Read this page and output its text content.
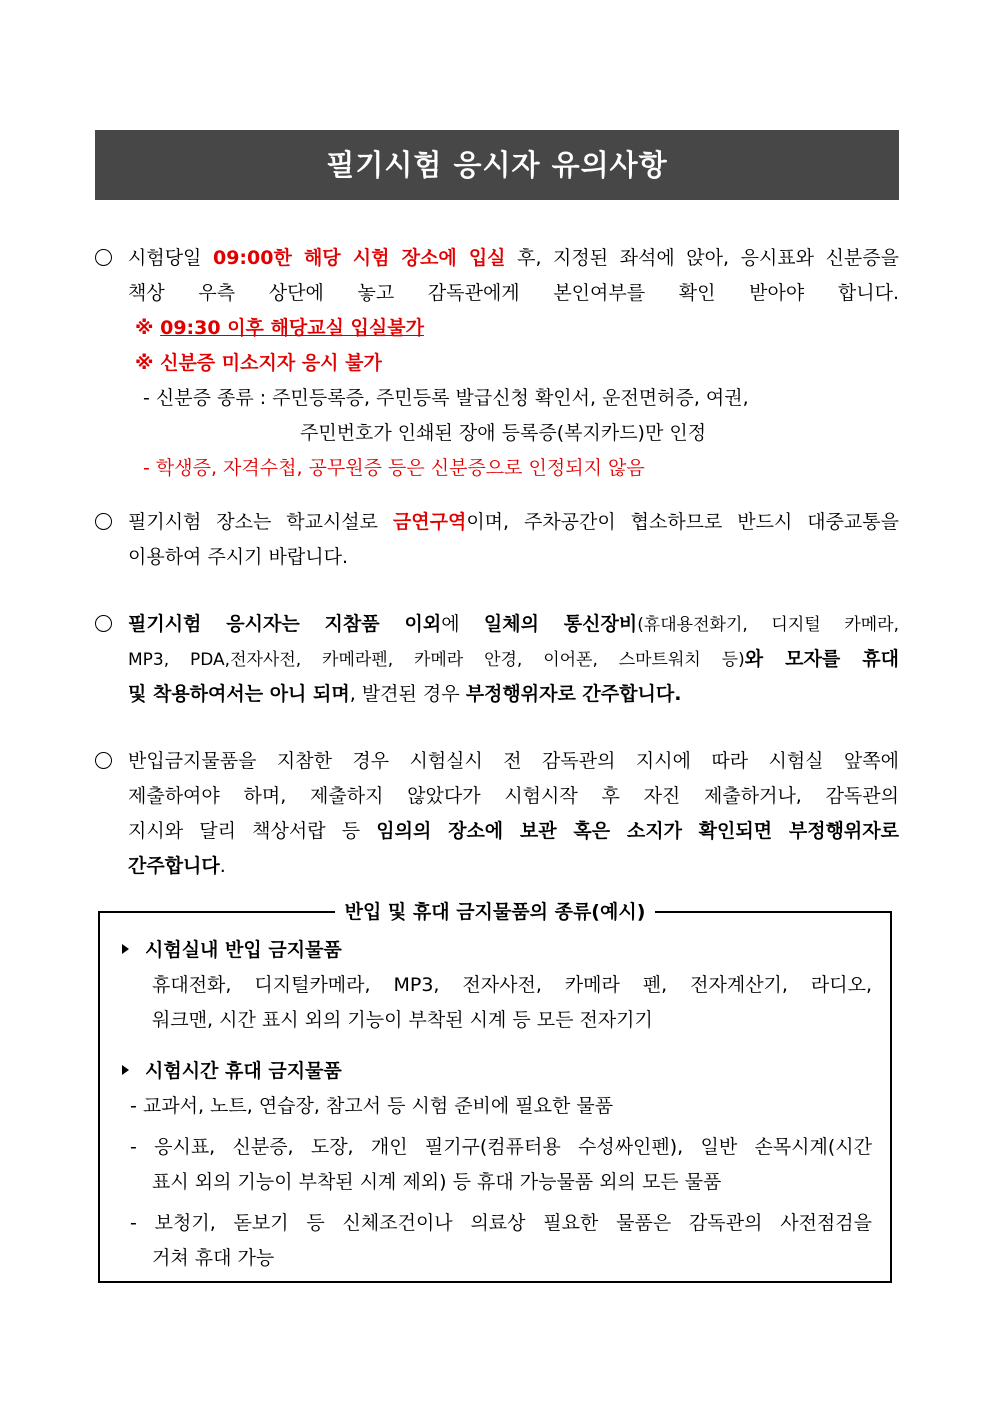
필기시험 응시자 유의사항
시험당일 09:00한 해당 시험 장소에 입실 후, 지정된 좌석에 앉아, 응시표와 신분증을
책상 우측 상단에 놓고 감독관에게 본인여부를 확인 받아야 합니다.
※ 09:30 이후 해당교실 입실불가
※ 신분증 미소지자 응시 불가
- 신분증 종류 : 주민등록증, 주민등록 발급신청 확인서, 운전면허증, 여권,
주민번호가 인쇄된 장애 등록증(복지카드)만 인정
- 학생증, 자격수첩, 공무원증 등은 신분증으로 인정되지 않음
필기시험 장소는 학교시설로 금연구역이며, 주차공간이 협소하므로 반드시 대중교통을
이용하여 주시기 바랍니다.
필기시험 응시자는 지참품 이외에 일체의 통신장비(휴대용전화기, 디지털 카메라,
MP3, PDA,전자사전, 카메라펜, 카메라 안경, 이어폰, 스마트워치 등)와 모자를 휴대
및 착용하여서는 아니 되며, 발견된 경우 부정행위자로 간주합니다.
반입금지물품을 지참한 경우 시험실시 전 감독관의 지시에 따라 시험실 앞쪽에
제출하여야 하며, 제출하지 않았다가 시험시작 후 자진 제출하거나, 감독관의
지시와 달리 책상서랍 등 임의의 장소에 보관 혹은 소지가 확인되면 부정행위자로
간주합니다.
반입 및 휴대 금지물품의 종류(예시)
시험실내 반입 금지물품
휴대전화, 디지털카메라, MP3, 전자사전, 카메라 펜, 전자계산기, 라디오,
워크맨, 시간 표시 외의 기능이 부착된 시계 등 모든 전자기기
시험시간 휴대 금지물품
- 교과서, 노트, 연습장, 참고서 등 시험 준비에 필요한 물품
- 응시표, 신분증, 도장, 개인 필기구(컴퓨터용 수성싸인펜), 일반 손목시계(시간
표시 외의 기능이 부착된 시계 제외) 등 휴대 가능물품 외의 모든 물품
- 보청기, 돋보기 등 신체조건이나 의료상 필요한 물품은 감독관의 사전점검을
거쳐 휴대 가능
